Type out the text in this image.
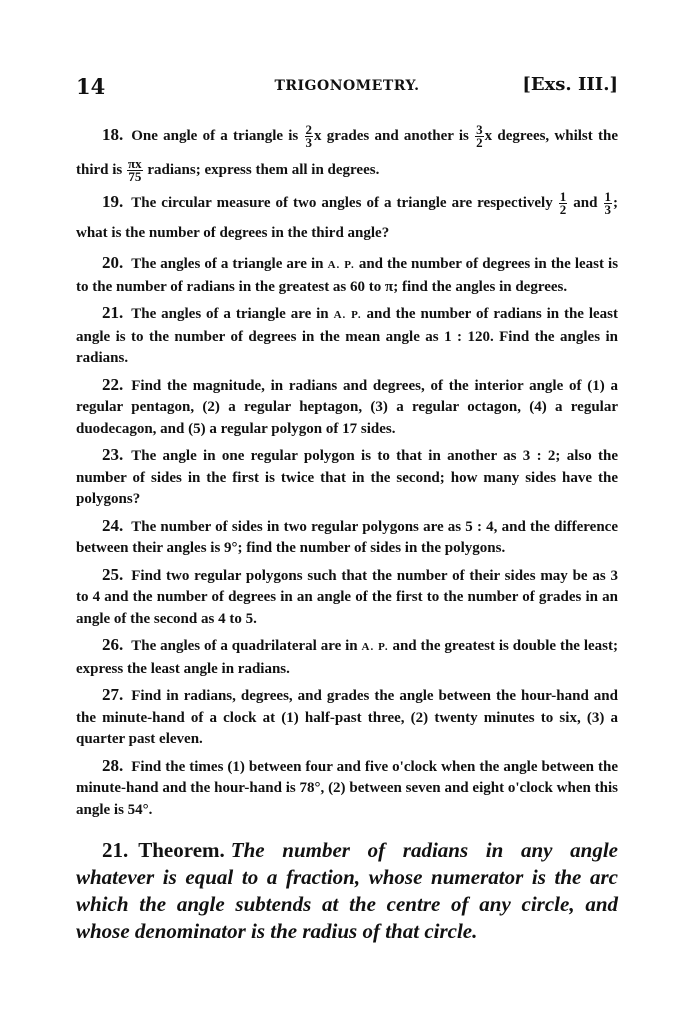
14	TRIGONOMETRY.	[Exs. III.]

18. One angle of a triangle is $\frac{2}{3}$ x grades and another is $\frac{3}{2}$ x degrees, whilst the third is $\frac{\pi x}{75}$ radians; express them all in degrees.

19. The circular measure of two angles of a triangle are respectively $\frac{1}{2}$ and $\frac{1}{3}$ ; what is the number of degrees in the third angle?

20. The angles of a triangle are in A. P. and the number of degrees in the least is to the number of radians in the greatest as 60 to π; find the angles in degrees.

21. The angles of a triangle are in A. P. and the number of radians in the least angle is to the number of degrees in the mean angle as 1 : 120. Find the angles in radians.

22. Find the magnitude, in radians and degrees, of the interior angle of (1) a regular pentagon, (2) a regular heptagon, (3) a regular octagon, (4) a regular duodecagon, and (5) a regular polygon of 17 sides.

23. The angle in one regular polygon is to that in another as 3 : 2; also the number of sides in the first is twice that in the second; how many sides have the polygons?

24. The number of sides in two regular polygons are as 5 : 4, and the difference between their angles is 9°; find the number of sides in the polygons.

25. Find two regular polygons such that the number of their sides may be as 3 to 4 and the number of degrees in an angle of the first to the number of grades in an angle of the second as 4 to 5.

26. The angles of a quadrilateral are in A. P. and the greatest is double the least; express the least angle in radians.

27. Find in radians, degrees, and grades the angle between the hour-hand and the minute-hand of a clock at (1) half-past three, (2) twenty minutes to six, (3) a quarter past eleven.

28. Find the times (1) between four and five o'clock when the angle between the minute-hand and the hour-hand is 78°, (2) between seven and eight o'clock when this angle is 54°.

21. Theorem. The number of radians in any angle whatever is equal to a fraction, whose numerator is the arc which the angle subtends at the centre of any circle, and whose denominator is the radius of that circle.
